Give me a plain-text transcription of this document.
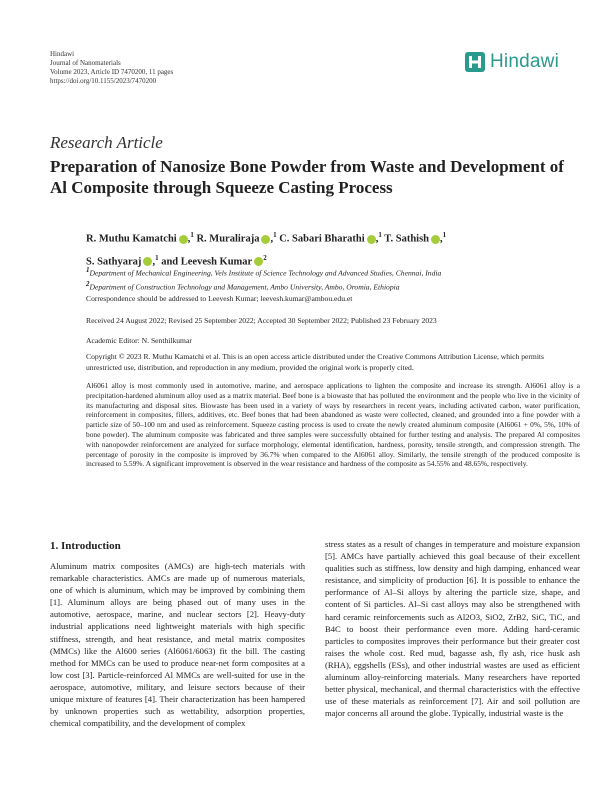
Hindawi
Journal of Nanomaterials
Volume 2023, Article ID 7470200, 11 pages
https://doi.org/10.1155/2023/7470200
Hindawi
Research Article
Preparation of Nanosize Bone Powder from Waste and Development of Al Composite through Squeeze Casting Process
R. Muthu Kamatchi ,$^1$ R. Muraliraja ,$^1$ C. Sabari Bharathi ,$^1$ T. Sathish ,$^1$
S. Sathyaraj ,$^1$ and Leevesh Kumar $^2$
1Department of Mechanical Engineering, Vels Institute of Science Technology and Advanced Studies, Chennai, India
2Department of Construction Technology and Management, Ambo University, Ambo, Oromia, Ethiopia
Correspondence should be addressed to Leevesh Kumar; leevesh.kumar@ambou.edu.et
Received 24 August 2022; Revised 25 September 2022; Accepted 30 September 2022; Published 23 February 2023
Academic Editor: N. Senthilkumar
Copyright © 2023 R. Muthu Kamatchi et al. This is an open access article distributed under the Creative Commons Attribution License, which permits unrestricted use, distribution, and reproduction in any medium, provided the original work is properly cited.
Al6061 alloy is most commonly used in automotive, marine, and aerospace applications to lighten the composite and increase its strength. Al6061 alloy is a precipitation-hardened aluminum alloy used as a matrix material. Beef bone is a biowaste that has polluted the environment and the people who live in the vicinity of its manufacturing and disposal sites. Biowaste has been used in a variety of ways by researchers in recent years, including activated carbon, water purification, reinforcement in composites, fillers, additives, etc. Beef bones that had been abandoned as waste were collected, cleaned, and grounded into a fine powder with a particle size of 50–100 nm and used as reinforcement. Squeeze casting process is used to create the newly created aluminum composite (Al6061 + 0%, 5%, 10% of bone powder). The aluminum composite was fabricated and three samples were successfully obtained for further testing and analysis. The prepared Al composites with nanopowder reinforcement are analyzed for surface morphology, elemental identification, hardness, porosity, tensile strength, and compression strength. The percentage of porosity in the composite is improved by 36.7% when compared to the Al6061 alloy. Similarly, the tensile strength of the produced composite is increased to 5.59%. A significant improvement is observed in the wear resistance and hardness of the composite as 54.55% and 48.65%, respectively.
1. Introduction

Aluminum matrix composites (AMCs) are high-tech materials with remarkable characteristics. AMCs are made up of numerous materials, one of which is aluminum, which may be improved by combining them [1]. Aluminum alloys are being phased out of many uses in the automotive, aerospace, marine, and nuclear sectors [2]. Heavy-duty industrial applications need lightweight materials with high specific stiffness, strength, and heat resistance, and metal matrix composites (MMCs) like the Al600 series (Al6061/6063) fit the bill. The casting method for MMCs can be used to produce near-net form composites at a low cost [3]. Particle-reinforced Al MMCs are well-suited for use in the aerospace, automotive, military, and leisure sectors because of their unique mixture of features [4]. Their characterization has been hampered by unknown properties such as wettability, adsorption properties, chemical compatibility, and the development of complex

stress states as a result of changes in temperature and moisture expansion [5]. AMCs have partially achieved this goal because of their excellent qualities such as stiffness, low density and high damping, enhanced wear resistance, and simplicity of production [6]. It is possible to enhance the performance of Al–Si alloys by altering the particle size, shape, and content of Si particles. Al–Si cast alloys may also be strengthened with hard ceramic reinforcements such as Al2O3, SiO2, ZrB2, SiC, TiC, and B4C to boost their performance even more. Adding hard-ceramic particles to composites improves their performance but their greater cost raises the whole cost. Red mud, bagasse ash, fly ash, rice husk ash (RHA), eggshells (ESs), and other industrial wastes are used as efficient aluminum alloy-reinforcing materials. Many researchers have reported better physical, mechanical, and thermal characteristics with the effective use of these materials as reinforcement [7]. Air and soil pollution are major concerns all around the globe. Typically, industrial waste is the
